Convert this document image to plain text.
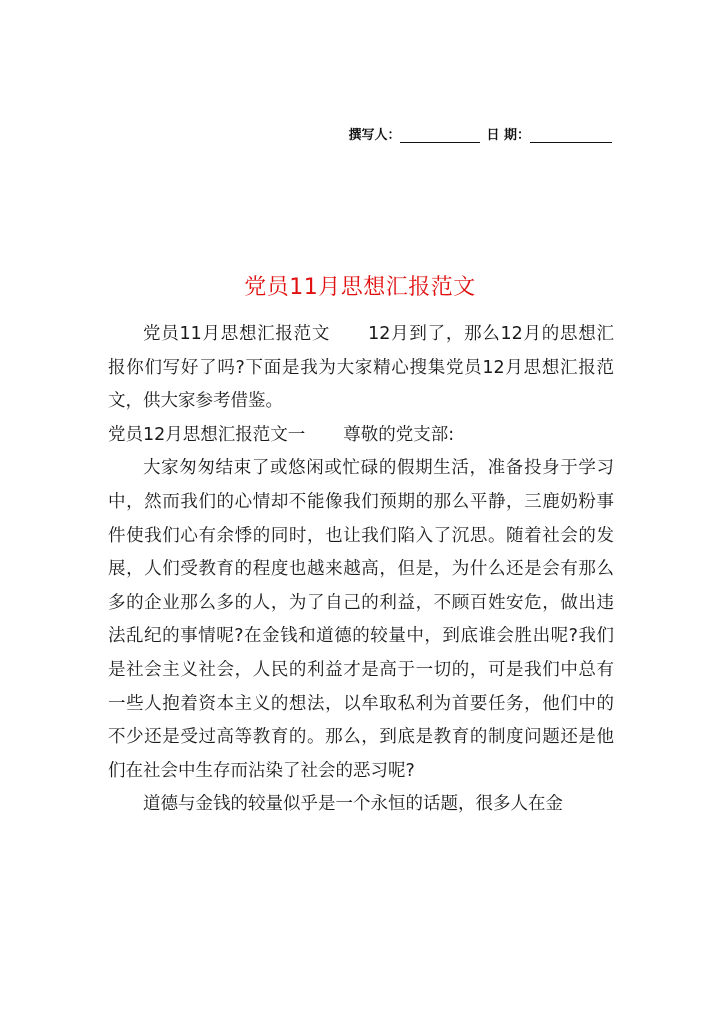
撰写人：	日 期：
党员11月思想汇报范文

党员11月思想汇报范文 12月到了，那么12月的思想汇报你们写好了吗?下面是我为大家精心搜集党员12月思想汇报范文，供大家参考借鉴。

党员12月思想汇报范文一 尊敬的党支部:

大家匆匆结束了或悠闲或忙碌的假期生活，准备投身于学习中，然而我们的心情却不能像我们预期的那么平静，三鹿奶粉事件使我们心有余悸的同时，也让我们陷入了沉思。随着社会的发展，人们受教育的程度也越来越高，但是，为什么还是会有那么多的企业那么多的人，为了自己的利益，不顾百姓安危，做出违法乱纪的事情呢?在金钱和道德的较量中，到底谁会胜出呢?我们是社会主义社会，人民的利益才是高于一切的，可是我们中总有一些人抱着资本主义的想法，以牟取私利为首要任务，他们中的不少还是受过高等教育的。那么，到底是教育的制度问题还是他们在社会中生存而沾染了社会的恶习呢?

道德与金钱的较量似乎是一个永恒的话题，很多人在金
